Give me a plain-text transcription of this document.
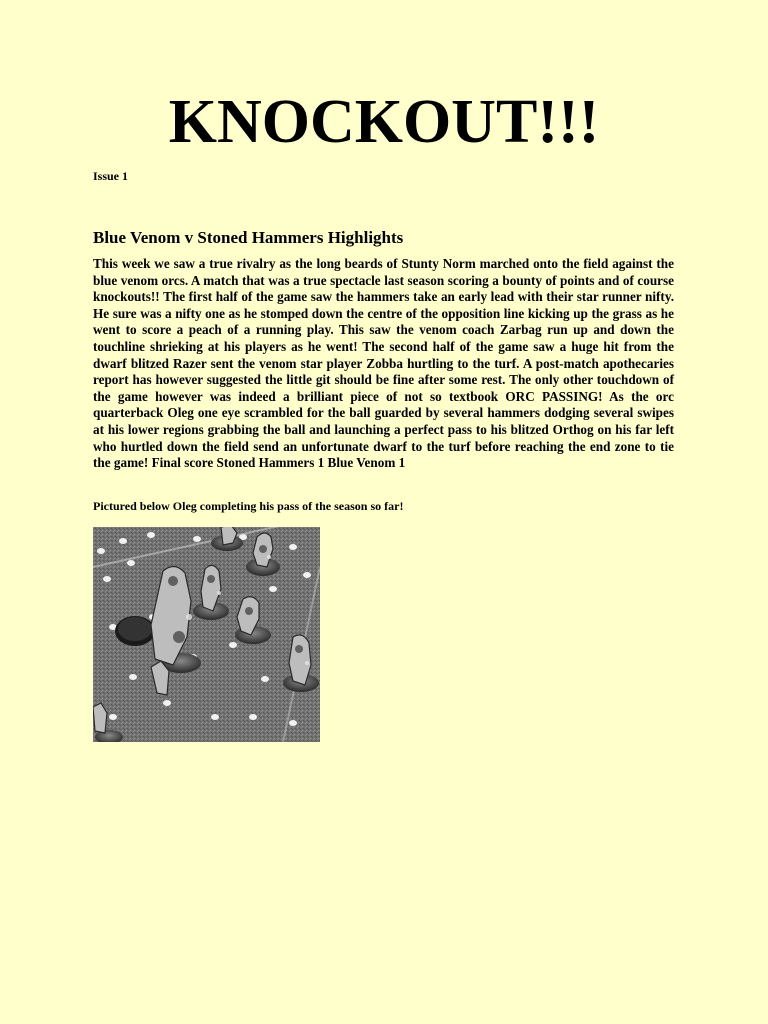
KNOCKOUT!!!
Issue 1
Blue Venom v Stoned Hammers Highlights

This week we saw a true rivalry as the long beards of Stunty Norm marched onto the field against the blue venom orcs. A match that was a true spectacle last season scoring a bounty of points and of course knockouts!! The first half of the game saw the hammers take an early lead with their star runner nifty. He sure was a nifty one as he stomped down the centre of the opposition line kicking up the grass as he went to score a peach of a running play. This saw the venom coach Zarbag run up and down the touchline shrieking at his players as he went! The second half of the game saw a huge hit from the dwarf blitzed Razer sent the venom star player Zobba hurtling to the turf. A post-match apothecaries report has however suggested the little git should be fine after some rest. The only other touchdown of the game however was indeed a brilliant piece of not so textbook ORC PASSING! As the orc quarterback Oleg one eye scrambled for the ball guarded by several hammers dodging several swipes at his lower regions grabbing the ball and launching a perfect pass to his blitzed Orthog on his far left who hurtled down the field send an unfortunate dwarf to the turf before reaching the end zone to tie the game! Final score Stoned Hammers 1 Blue Venom 1

Pictured below Oleg completing his pass of the season so far!
